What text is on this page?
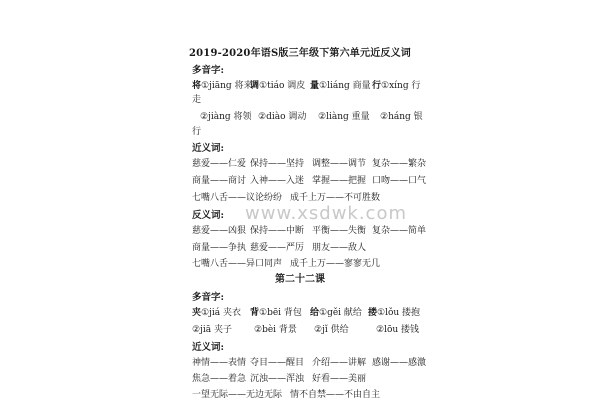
2019-2020年语S版三年级下第六单元近反义词
多音字:
将①jiāng 将来
调①tiáo 调皮 量①liáng 商量 行①xíng 行
走
②jiàng 将领 ②diào 调动 ②liàng 重量 ②háng 银
行
近义词:
慈爱——仁爱 保持——坚持 调整——调节 复杂——繁杂
商量——商讨 入神——入迷 掌握——把握 口吻——口气
七嘴八舌——议论纷纷 成千上万——不可胜数
www.xsdwk.com
反义词:
慈爱——凶狠 保持——中断 平衡——失衡 复杂——简单
商量——争执 慈爱——严厉 朋友——敌人
七嘴八舌——异口同声 成千上万——寥寥无几
第二十二课
多音字:
夹①jiá 夹衣 背①bēi 背包 给①gěi 献给 搂①lǒu 搂抱
②jiā 夹子 ②bèi 背景 ②jǐ 供给	②lōu 搂钱
近义词:
神情——表情 夺目——醒目 介绍——讲解 感谢——感激
焦急——着急 沉浊——浑浊 好看——美丽
一望无际——无边无际 情不自禁——不由自主
